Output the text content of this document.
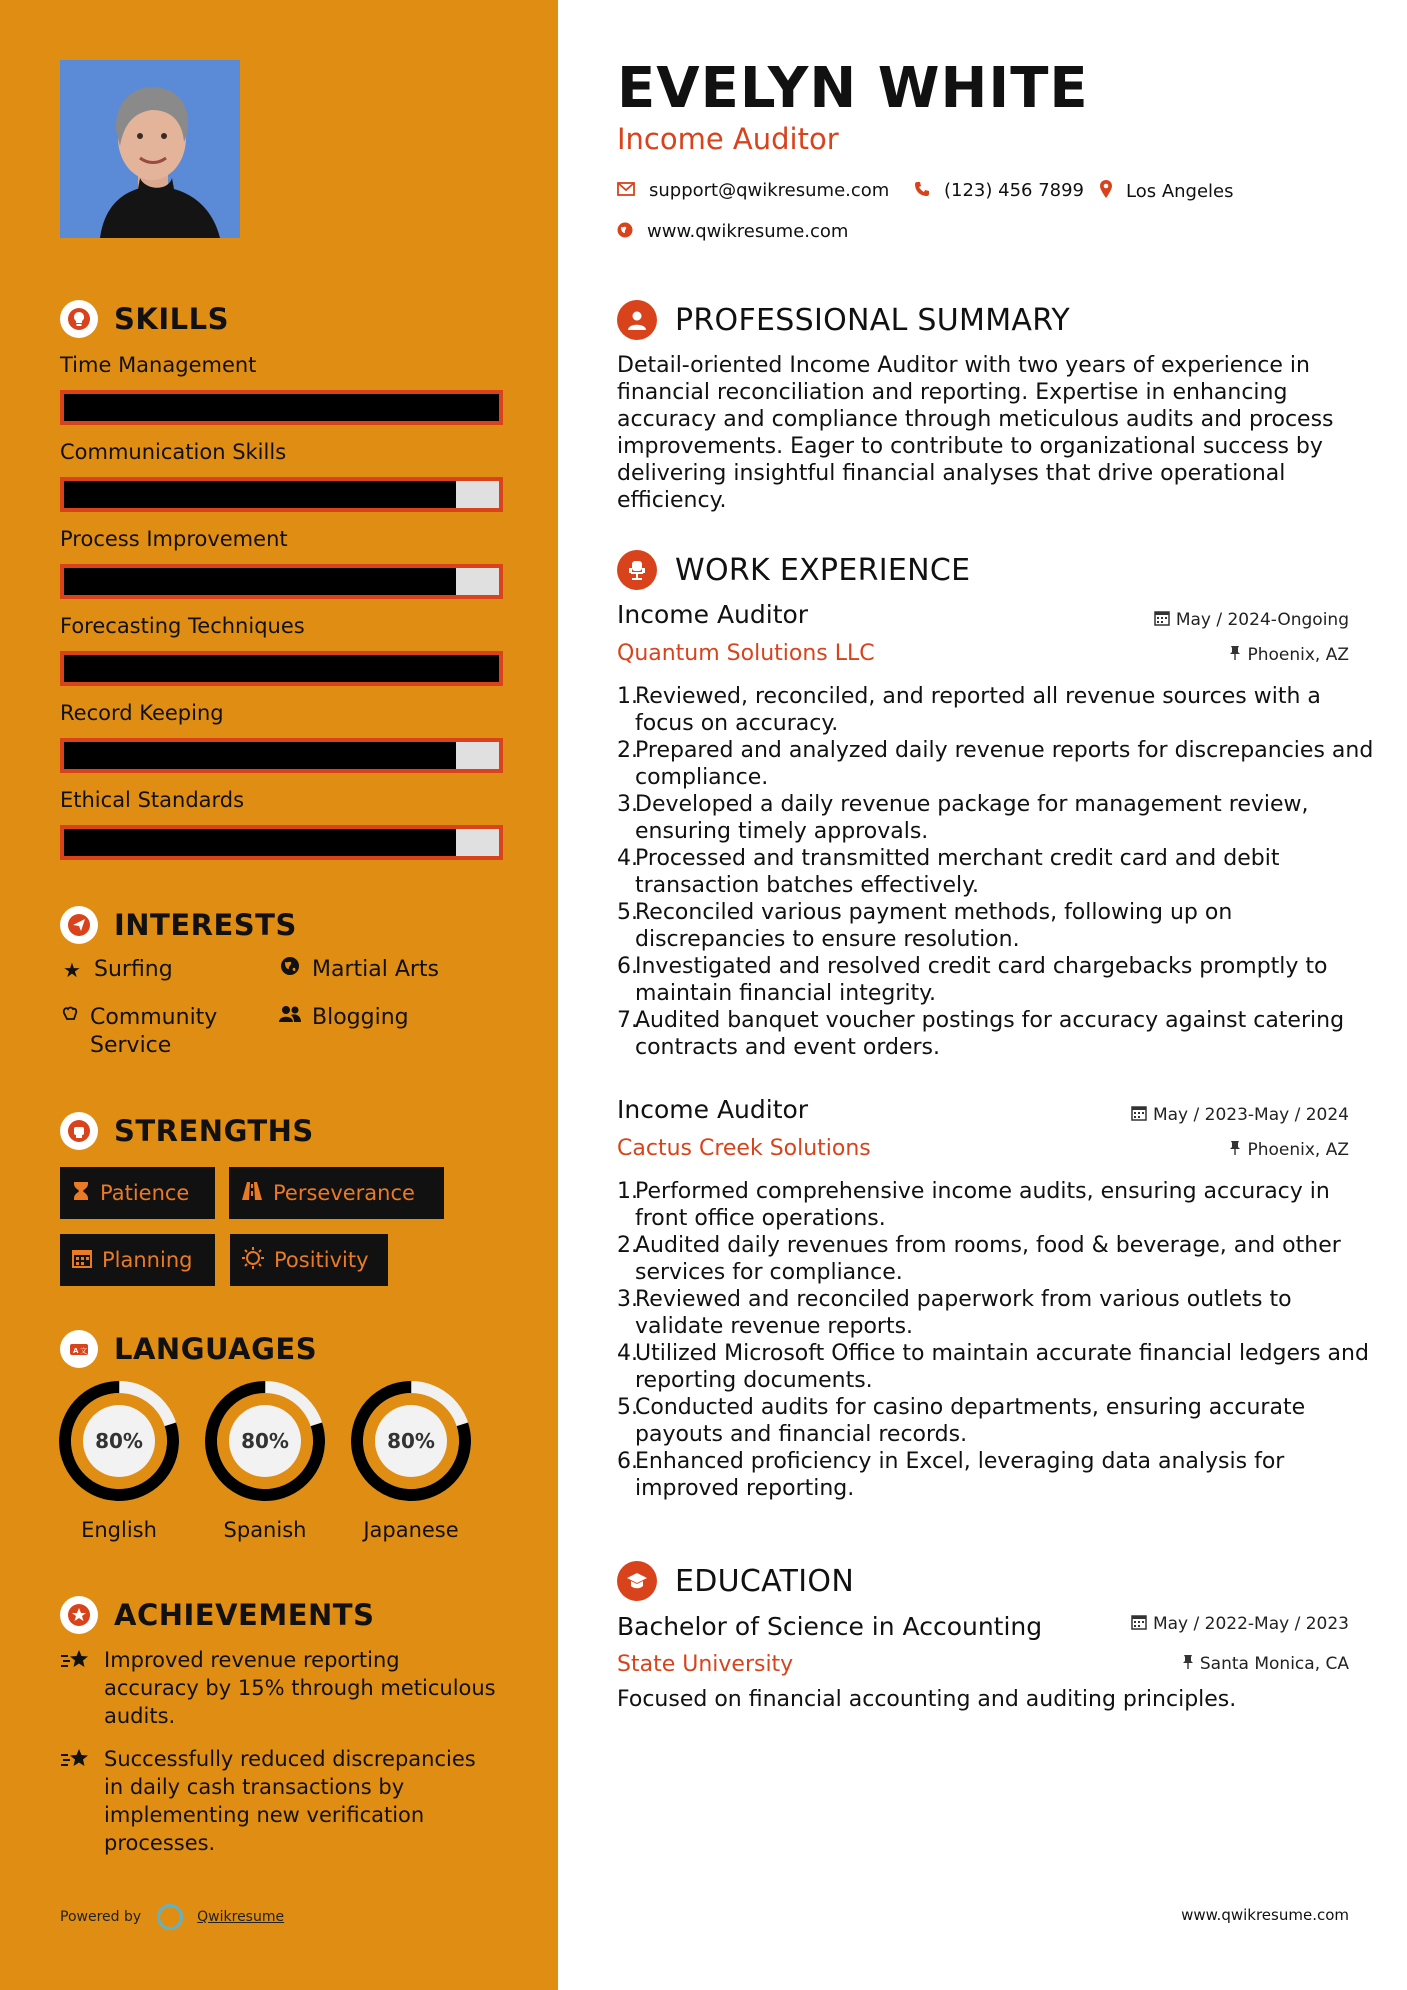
SKILLS
Time Management
Communication Skills
Process Improvement
Forecasting Techniques
Record Keeping
Ethical Standards
INTERESTS
★ Surfing	Martial Arts
Community Service
Blogging
STRENGTHS
Patience	Perseverance
Planning	Positivity
A 文 LANGUAGES
80%
English
80%
Spanish
80%
Japanese
ACHIEVEMENTS
Improved revenue reporting accuracy by 15% through meticulous audits.
Successfully reduced discrepancies in daily cash transactions by implementing new verification processes.
Powered by	Qwikresume
EVELYN WHITE
Income Auditor
support@qwikresume.com	(123) 456 7899 Los Angeles
www.qwikresume.com
PROFESSIONAL SUMMARY
Detail-oriented Income Auditor with two years of experience in financial reconciliation and reporting. Expertise in enhancing accuracy and compliance through meticulous audits and process improvements. Eager to contribute to organizational success by delivering insightful financial analyses that drive operational efficiency.
WORK EXPERIENCE
Income Auditor	May / 2024-Ongoing
Quantum Solutions LLC	Phoenix, AZ
1.
Reviewed, reconciled, and reported all revenue sources with a focus on accuracy.
2.
Prepared and analyzed daily revenue reports for discrepancies and compliance.
3.
Developed a daily revenue package for management review, ensuring timely approvals.
4.
Processed and transmitted merchant credit card and debit transaction batches effectively.
5.
Reconciled various payment methods, following up on discrepancies to ensure resolution.
6.
Investigated and resolved credit card chargebacks promptly to maintain financial integrity.
7.
Audited banquet voucher postings for accuracy against catering contracts and event orders.
Income Auditor	May / 2023-May / 2024
Cactus Creek Solutions	Phoenix, AZ
1.
Performed comprehensive income audits, ensuring accuracy in front office operations.
2.
Audited daily revenues from rooms, food & beverage, and other services for compliance.
3.
Reviewed and reconciled paperwork from various outlets to validate revenue reports.
4.
Utilized Microsoft Office to maintain accurate financial ledgers and reporting documents.
5.
Conducted audits for casino departments, ensuring accurate payouts and financial records.
6.
Enhanced proficiency in Excel, leveraging data analysis for improved reporting.
EDUCATION
Bachelor of Science in Accounting	May / 2022-May / 2023
State University	Santa Monica, CA
Focused on financial accounting and auditing principles.
www.qwikresume.com
